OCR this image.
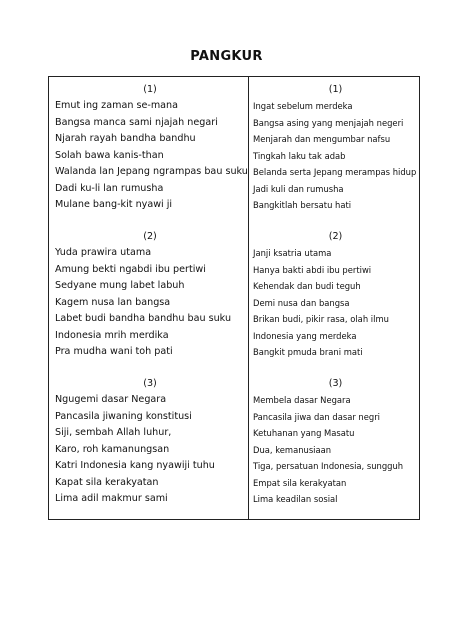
PANGKUR
(1)
Emut ing zaman se-mana
Bangsa manca sami njajah negari
Njarah rayah bandha bandhu
Solah bawa kanis-than
Walanda lan Jepang ngrampas bau suku
Dadi ku-li lan rumusha
Mulane bang-kit nyawi ji
(2)
Yuda prawira utama
Amung bekti ngabdi ibu pertiwi
Sedyane mung labet labuh
Kagem nusa lan bangsa
Labet budi bandha bandhu bau suku
Indonesia mrih merdika
Pra mudha wani toh pati
(3)
Ngugemi dasar Negara
Pancasila jiwaning konstitusi
Siji, sembah Allah luhur,
Karo, roh kamanungsan
Katri Indonesia kang nyawiji tuhu
Kapat sila kerakyatan
Lima adil makmur sami
(1)
Ingat sebelum merdeka
Bangsa asing yang menjajah negeri
Menjarah dan mengumbar nafsu
Tingkah laku tak adab
Belanda serta Jepang merampas hidup
Jadi kuli dan rumusha
Bangkitlah bersatu hati
(2)
Janji ksatria utama
Hanya bakti abdi ibu pertiwi
Kehendak dan budi teguh
Demi nusa dan bangsa
Brikan budi, pikir rasa, olah ilmu
Indonesia yang merdeka
Bangkit pmuda brani mati
(3)
Membela dasar Negara
Pancasila jiwa dan dasar negri
Ketuhanan yang Masatu
Dua, kemanusiaan
Tiga, persatuan Indonesia, sungguh
Empat sila kerakyatan
Lima keadilan sosial
